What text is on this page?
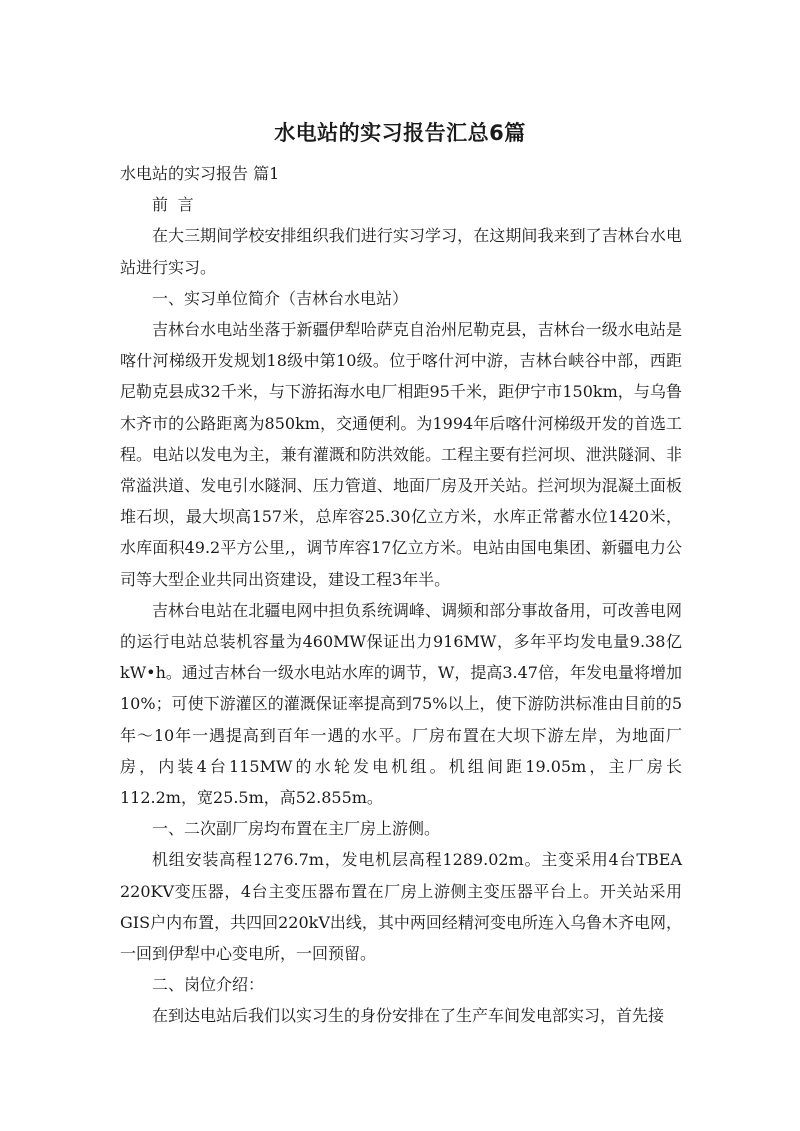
水电站的实习报告汇总6篇

水电站的实习报告 篇1

前言

在大三期间学校安排组织我们进行实习学习，在这期间我来到了吉林台水电站进行实习。

一、实习单位简介（吉林台水电站）

吉林台水电站坐落于新疆伊犁哈萨克自治州尼勒克县，吉林台一级水电站是喀什河梯级开发规划18级中第10级。位于喀什河中游，吉林台峡谷中部，西距尼勒克县成32千米，与下游拓海水电厂相距95千米，距伊宁市150km，与乌鲁木齐市的公路距离为850km，交通便利。为1994年后喀什河梯级开发的首选工程。电站以发电为主，兼有灌溉和防洪效能。工程主要有拦河坝、泄洪隧洞、非常溢洪道、发电引水隧洞、压力管道、地面厂房及开关站。拦河坝为混凝土面板堆石坝，最大坝高157米，总库容25.30亿立方米，水库正常蓄水位1420米，水库面积49.2平方公里,，调节库容17亿立方米。电站由国电集团、新疆电力公司等大型企业共同出资建设，建设工程3年半。

吉林台电站在北疆电网中担负系统调峰、调频和部分事故备用，可改善电网的运行电站总装机容量为460MW保证出力916MW，多年平均发电量9.38亿kW•h。通过吉林台一级水电站水库的调节，W，提高3.47倍，年发电量将增加10%；可使下游灌区的灌溉保证率提高到75%以上，使下游防洪标准由目前的5年～10年一遇提高到百年一遇的水平。厂房布置在大坝下游左岸，为地面厂房，内装4台115MW的水轮发电机组。机组间距19.05m，主厂房长112.2m，宽25.5m，高52.855m。

一、二次副厂房均布置在主厂房上游侧。

机组安装高程1276.7m，发电机层高程1289.02m。主变采用4台TBEA 220KV变压器，4台主变压器布置在厂房上游侧主变压器平台上。开关站采用GIS户内布置，共四回220kV出线，其中两回经精河变电所连入乌鲁木齐电网，一回到伊犁中心变电所，一回预留。

二、岗位介绍：

在到达电站后我们以实习生的身份安排在了生产车间发电部实习，首先接
